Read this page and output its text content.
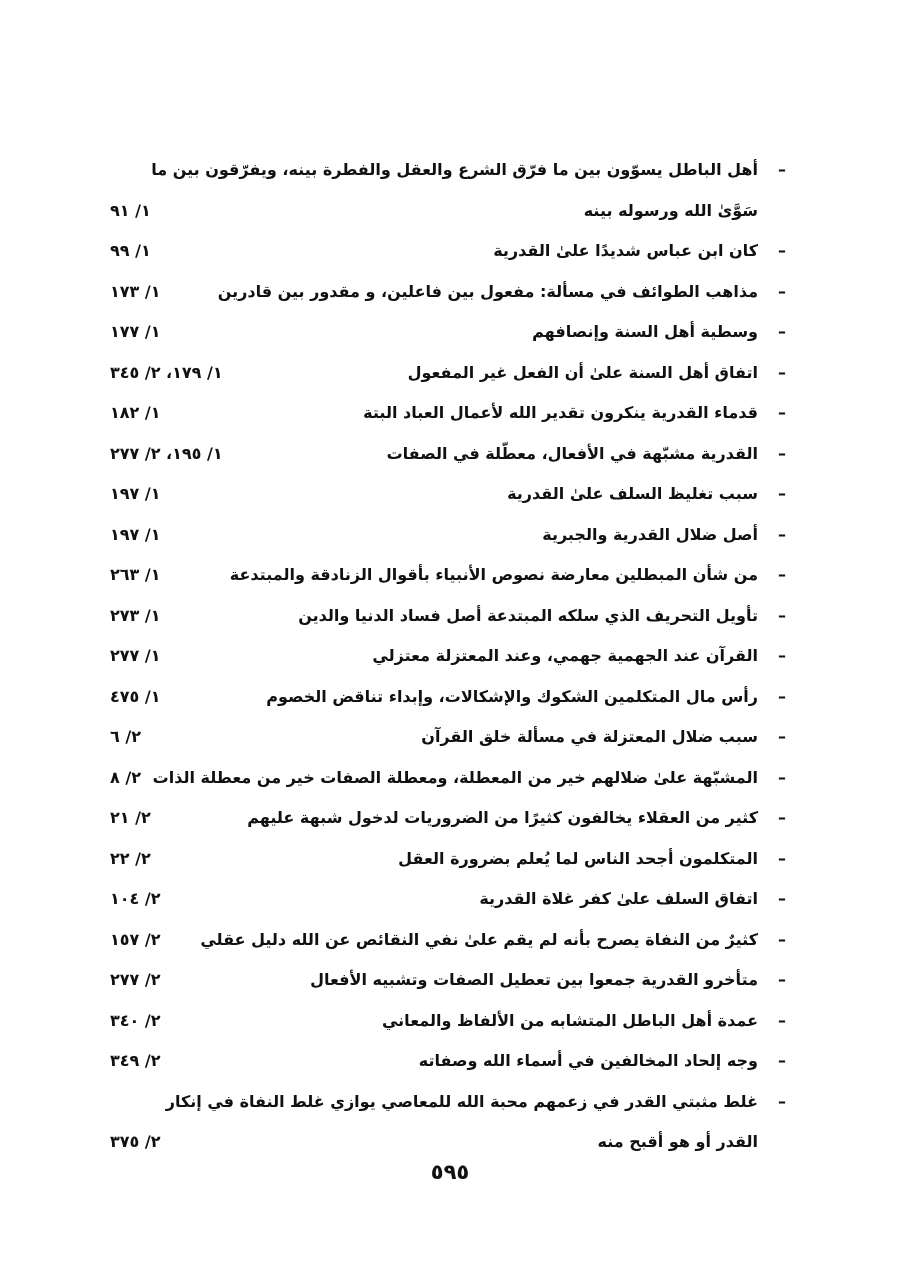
–
أهل الباطل يسوّون بين ما فرّق الشرع والعقل والفطرة بينه، ويفرّقون بين ما
سَوَّىٰ الله ورسوله بينه
١/ ٩١
–
كان ابن عباس شديدًا علىٰ القدرية
١/ ٩٩
–
مذاهب الطوائف في مسألة: مفعول بين فاعلين، و مقدور بين قادرين
١/ ١٧٣
–
وسطية أهل السنة وإنصافهم
١/ ١٧٧
–
اتفاق أهل السنة علىٰ أن الفعل غير المفعول
١/ ١٧٩، ٢/ ٣٤٥
–
قدماء القدرية ينكرون تقدير الله لأعمال العباد البتة
١/ ١٨٢
–
القدرية مشبّهة في الأفعال، معطّلة في الصفات
١/ ١٩٥، ٢/ ٢٧٧
–
سبب تغليظ السلف علىٰ القدرية
١/ ١٩٧
–
أصل ضلال القدرية والجبرية
١/ ١٩٧
–
من شأن المبطلين معارضة نصوص الأنبياء بأقوال الزنادقة والمبتدعة
١/ ٢٦٣
–
تأويل التحريف الذي سلكه المبتدعة أصل فساد الدنيا والدين
١/ ٢٧٣
–
القرآن عند الجهمية جهمي، وعند المعتزلة معتزلي
١/ ٢٧٧
–
رأس مال المتكلمين الشكوك والإشكالات، وإبداء تناقض الخصوم
١/ ٤٧٥
–
سبب ضلال المعتزلة في مسألة خلق القرآن
٢/ ٦
–
المشبّهة علىٰ ضلالهم خير من المعطلة، ومعطلة الصفات خير من معطلة الذات
٢/ ٨
–
كثير من العقلاء يخالفون كثيرًا من الضروريات لدخول شبهة عليهم
٢/ ٢١
–
المتكلمون أجحد الناس لما يُعلم بضرورة العقل
٢/ ٢٢
–
اتفاق السلف علىٰ كفر غلاة القدرية
٢/ ١٠٤
–
كثيرٌ من النفاة يصرح بأنه لم يقم علىٰ نفي النقائص عن الله دليل عقلي
٢/ ١٥٧
–
متأخرو القدرية جمعوا بين تعطيل الصفات وتشبيه الأفعال
٢/ ٢٧٧
–
عمدة أهل الباطل المتشابه من الألفاظ والمعاني
٢/ ٣٤٠
–
وجه إلحاد المخالفين في أسماء الله وصفاته
٢/ ٣٤٩
–
غلط مثبتي القدر في زعمهم محبة الله للمعاصي يوازي غلط النفاة في إنكار
القدر أو هو أقبح منه
٢/ ٣٧٥
٥٩٥
